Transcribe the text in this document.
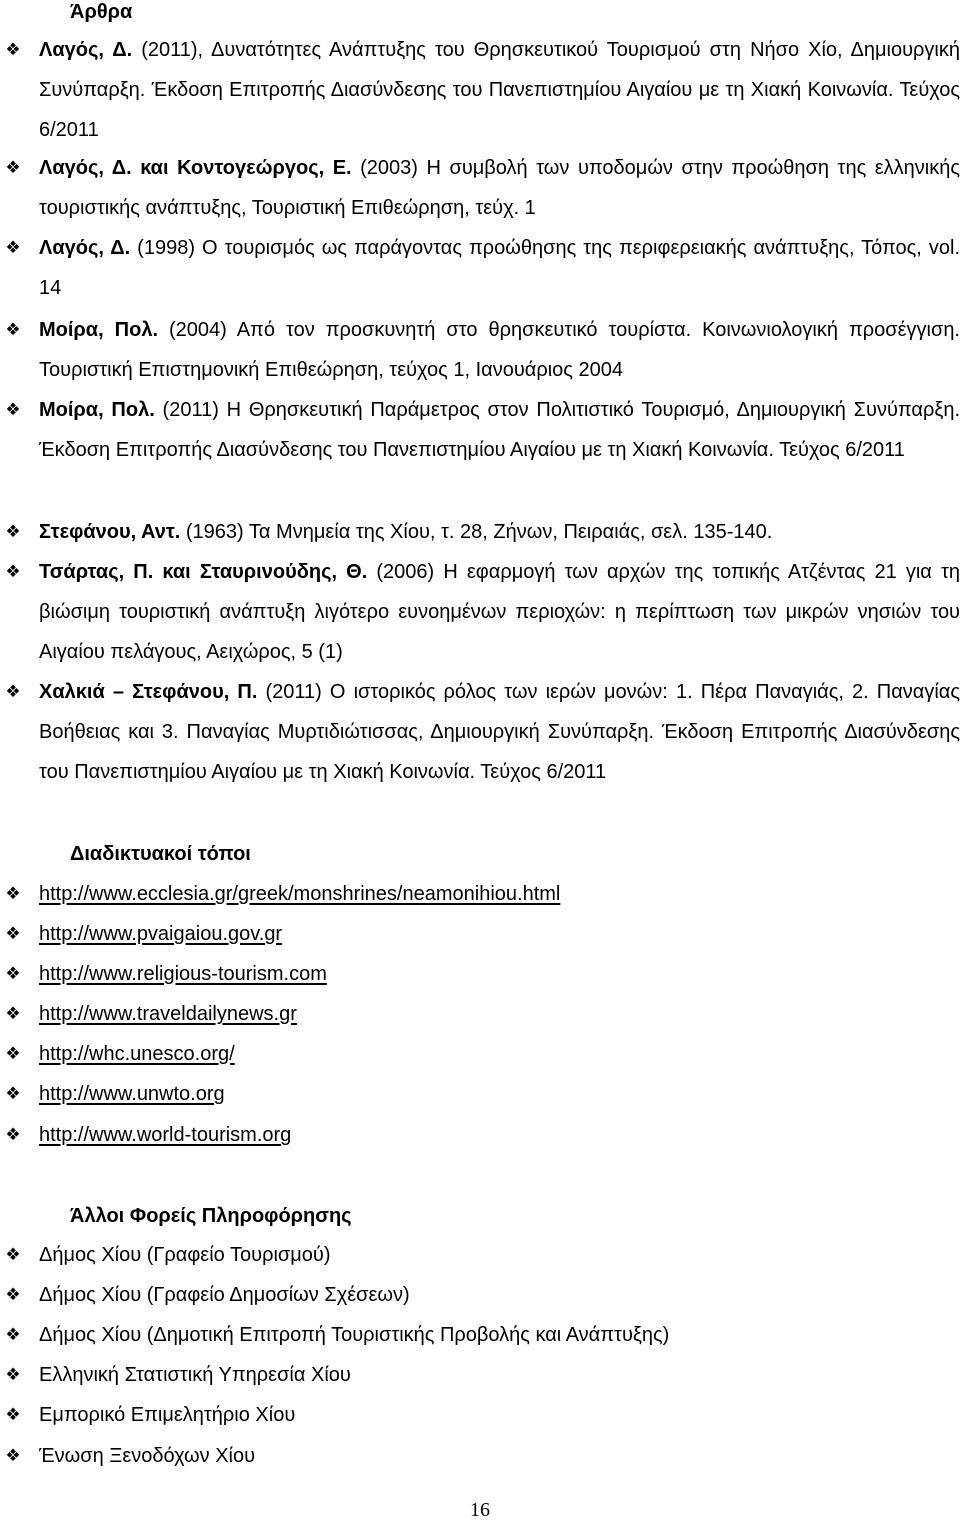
Άρθρα
❖ Λαγός, Δ. (2011), Δυνατότητες Ανάπτυξης του Θρησκευτικού Τουρισμού στη Νήσο Χίο, Δημιουργική Συνύπαρξη. Έκδοση Επιτροπής Διασύνδεσης του Πανεπιστημίου Αιγαίου με τη Χιακή Κοινωνία. Τεύχος 6/2011
❖ Λαγός, Δ. και Κοντογεώργος, Ε. (2003) Η συμβολή των υποδομών στην προώθηση της ελληνικής τουριστικής ανάπτυξης, Τουριστική Επιθεώρηση, τεύχ. 1
❖ Λαγός, Δ. (1998) Ο τουρισμός ως παράγοντας προώθησης της περιφερειακής ανάπτυξης, Τόπος, vol. 14
❖ Μοίρα, Πολ. (2004) Από τον προσκυνητή στο θρησκευτικό τουρίστα. Κοινωνιολογική προσέγγιση. Τουριστική Επιστημονική Επιθεώρηση, τεύχος 1, Ιανουάριος 2004
❖ Μοίρα, Πολ. (2011) Η Θρησκευτική Παράμετρος στον Πολιτιστικό Τουρισμό, Δημιουργική Συνύπαρξη. Έκδοση Επιτροπής Διασύνδεσης του Πανεπιστημίου Αιγαίου με τη Χιακή Κοινωνία. Τεύχος 6/2011
❖ Στεφάνου, Αντ. (1963) Τα Μνημεία της Χίου, τ. 28, Ζήνων, Πειραιάς, σελ. 135-140.
❖ Τσάρτας, Π. και Σταυρινούδης, Θ. (2006) Η εφαρμογή των αρχών της τοπικής Ατζέντας 21 για τη βιώσιμη τουριστική ανάπτυξη λιγότερο ευνοημένων περιοχών: η περίπτωση των μικρών νησιών του Αιγαίου πελάγους, Αειχώρος, 5 (1)
❖ Χαλκιά – Στεφάνου, Π. (2011) Ο ιστορικός ρόλος των ιερών μονών: 1. Πέρα Παναγιάς, 2. Παναγίας Βοήθειας και 3. Παναγίας Μυρτιδιώτισσας, Δημιουργική Συνύπαρξη. Έκδοση Επιτροπής Διασύνδεσης του Πανεπιστημίου Αιγαίου με τη Χιακή Κοινωνία. Τεύχος 6/2011
Διαδικτυακοί τόποι
❖ http://www.ecclesia.gr/greek/monshrines/neamonihiou.html
❖ http://www.pvaigaiou.gov.gr
❖ http://www.religious-tourism.com
❖ http://www.traveldailynews.gr
❖ http://whc.unesco.org/
❖ http://www.unwto.org
❖ http://www.world-tourism.org
Άλλοι Φορείς Πληροφόρησης
❖ Δήμος Χίου (Γραφείο Τουρισμού)
❖ Δήμος Χίου (Γραφείο Δημοσίων Σχέσεων)
❖ Δήμος Χίου (Δημοτική Επιτροπή Τουριστικής Προβολής και Ανάπτυξης)
❖ Ελληνική Στατιστική Υπηρεσία Χίου
❖ Εμπορικό Επιμελητήριο Χίου
❖ Ένωση Ξενοδόχων Χίου
16
